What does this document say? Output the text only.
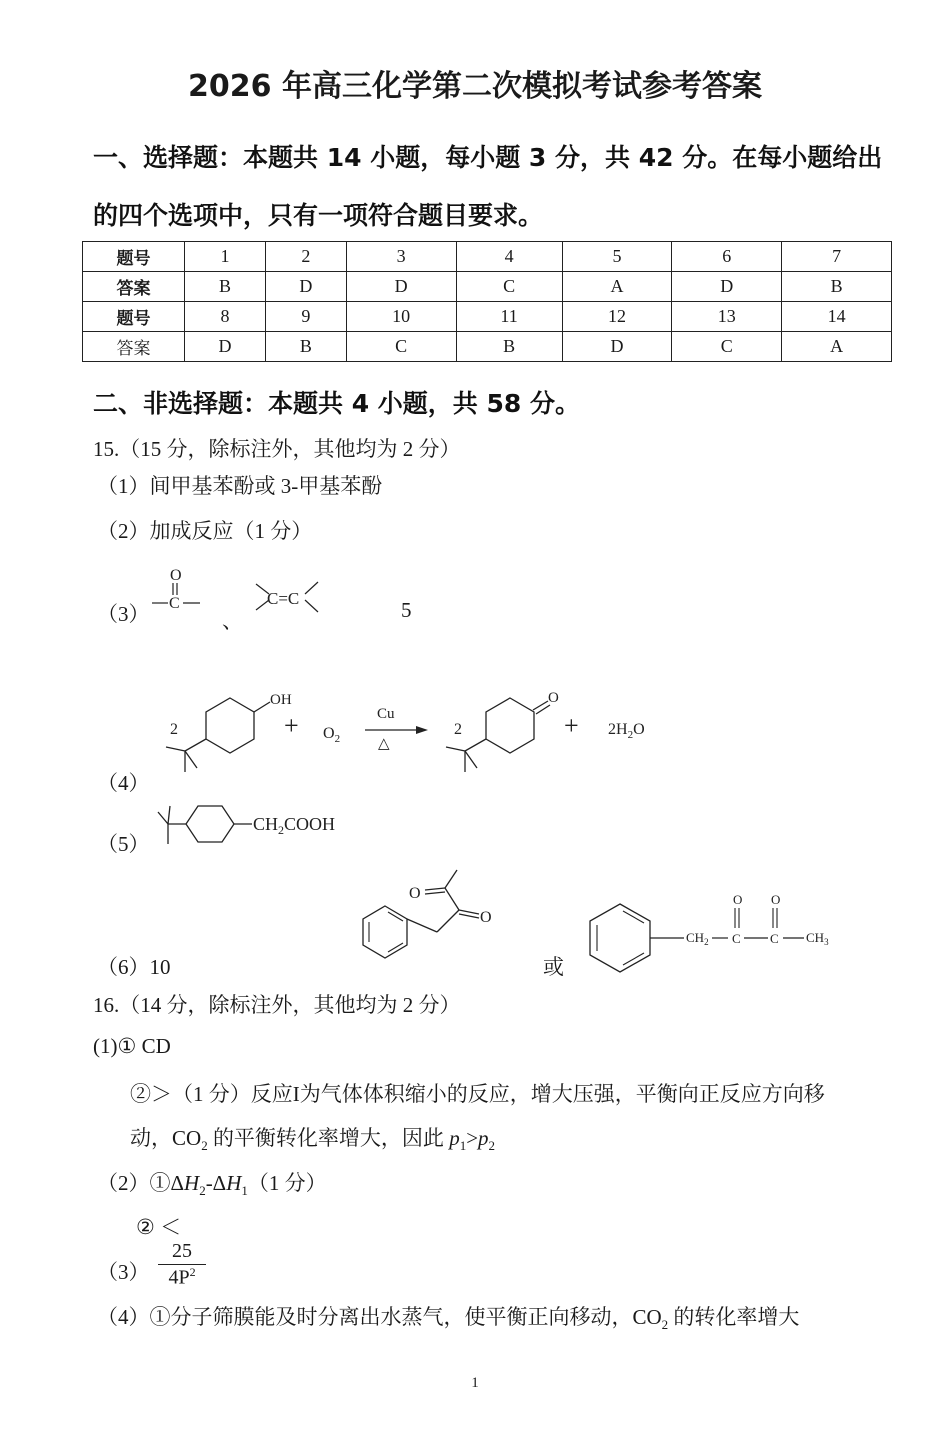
2026 年高三化学第二次模拟考试参考答案
一、选择题：本题共 14 小题，每小题 3 分，共 42 分。在每小题给出
的四个选项中，只有一项符合题目要求。
题号	1	2	3	4	5	6	7
答案	B	D	D	C	A	D	B
题号	8	9	10	11	12	13	14
答案	D	B	C	B	D	C	A
二、非选择题：本题共 4 小题，共 58 分。
15.（15 分，除标注外，其他均为 2 分）
（1）间甲基苯酚或 3-甲基苯酚
（2）加成反应（1 分）
（3）
O
C	C=C
、	5
（4）
2
OH
+ $O_2$
Cu
△
2
O
+ $2H_2O$
（5）
$CH_2COOH$
（6）10
O
O
或
$CH_2$
O
C
O
C $CH_3$
16.（14 分，除标注外，其他均为 2 分）
(1)① CD
②＞（1 分）反应I为气体体积缩小的反应，增大压强，平衡向正反应方向移
动，$CO_2$ 的平衡转化率增大，因此 $p_1>p_2$
$(2)①\Delta H_2-\Delta H_1(1$ 分）
② ＜
（3）
25
$4P^2$
（4）①分子筛膜能及时分离出水蒸气，使平衡正向移动，$CO_2$ 的转化率增大
1
